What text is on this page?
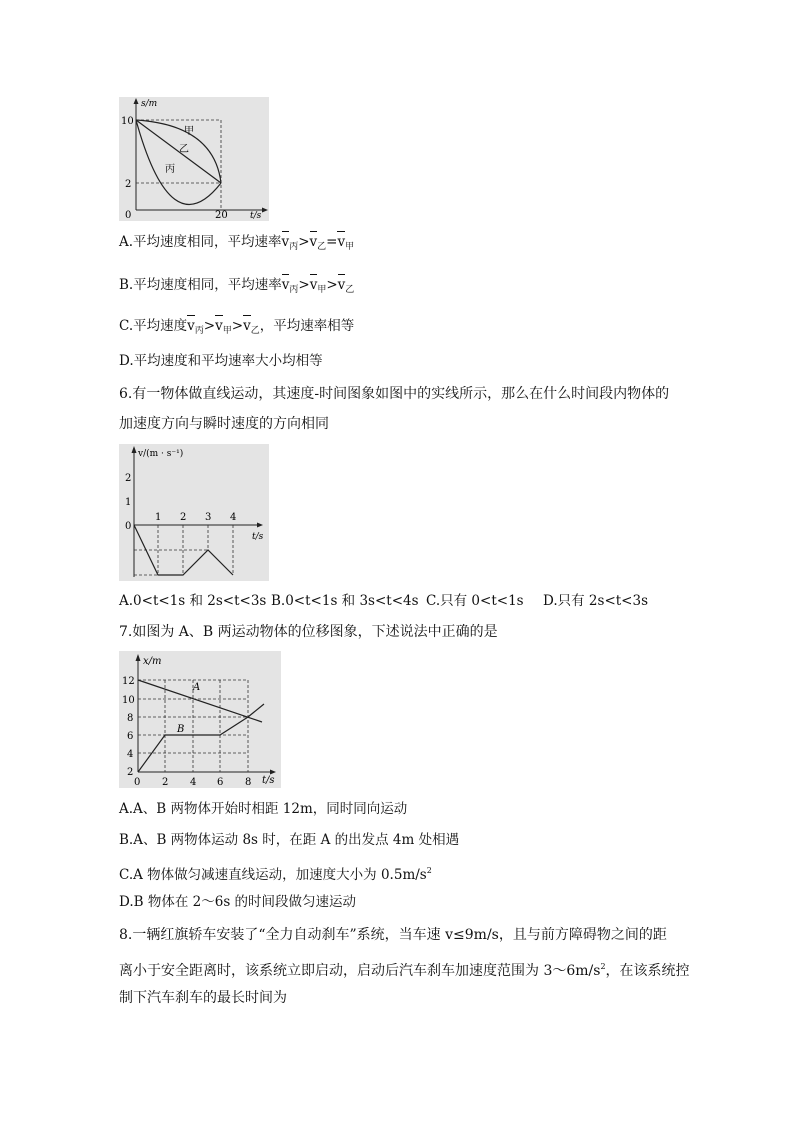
s/m
10
2
0	20 t/s
甲
乙
丙
A.平均速度相同，平均速率$v_丙>v_乙=v_甲$
B.平均速度相同，平均速率$v_丙>v_甲>v_乙$
C.平均速度$v_丙>v_甲>v_乙$，平均速率相等
D.平均速度和平均速率大小均相等
6.有一物体做直线运动，其速度-时间图象如图中的实线所示，那么在什么时间段内物体的
加速度方向与瞬时速度的方向相同
v/(m · s⁻¹)
2
1
0
1 2 3 4
t/s
A.0<t<1s 和 2s<t<3s B.0<t<1s 和 3s<t<4s C.只有 0<t<1s D.只有 2s<t<3s
7.如图为 A、B 两运动物体的位移图象，下述说法中正确的是
x/m
12
10
8
6
4
2
0 2 4 6 8 t/s
A
B
A.A、B 两物体开始时相距 12m，同时同向运动
B.A、B 两物体运动 8s 时，在距 A 的出发点 4m 处相遇
C.A 物体做匀减速直线运动，加速度大小为 $0.5m/s^2$
D.B 物体在 2～6s 的时间段做匀速运动
8.一辆红旗轿车安装了“全力自动刹车”系统，当车速 v≤9m/s，且与前方障碍物之间的距
离小于安全距离时，该系统立即启动，启动后汽车刹车加速度范围为 $3\sim 6m/s^2$，在该系统控
制下汽车刹车的最长时间为
